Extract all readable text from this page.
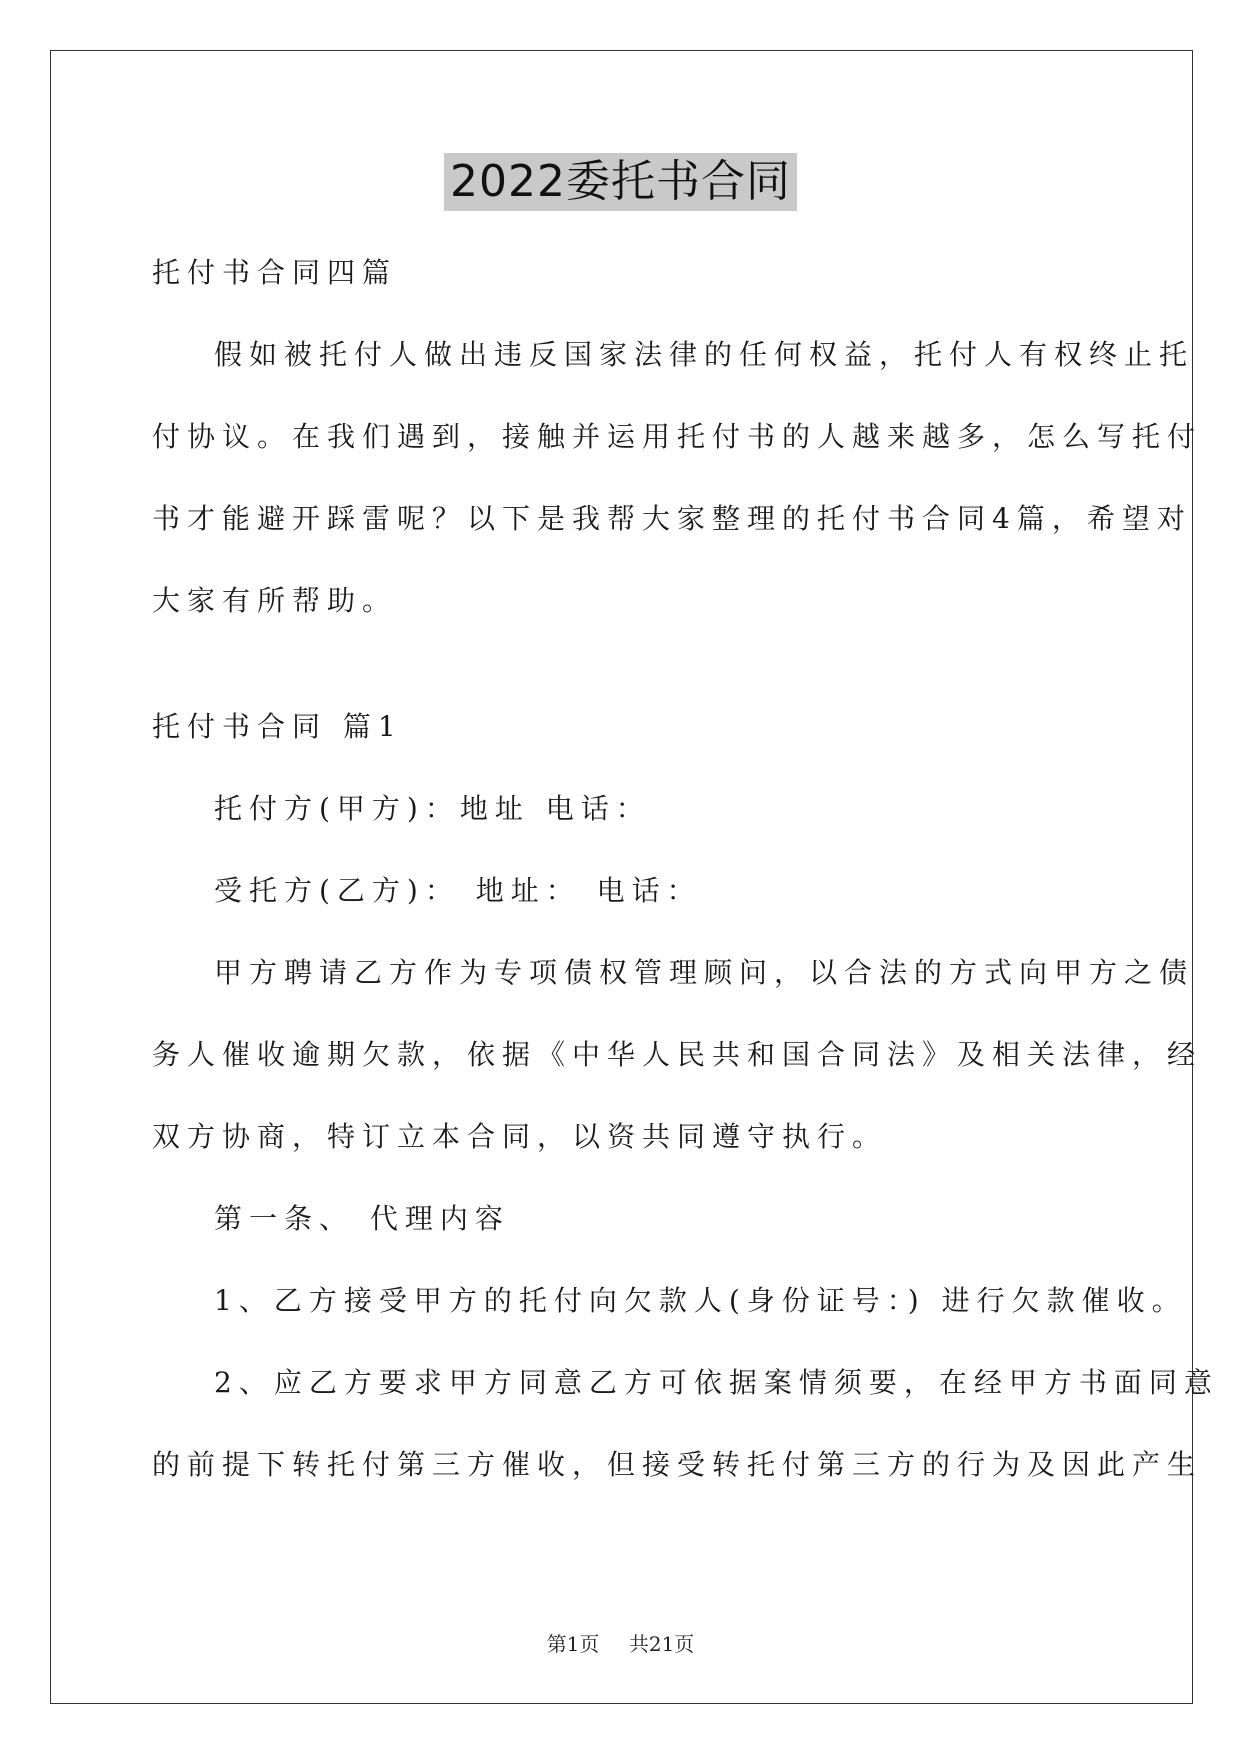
2022委托书合同

托付书合同四篇

假如被托付人做出违反国家法律的任何权益，托付人有权终止托

付协议。在我们遇到，接触并运用托付书的人越来越多，怎么写托付

书才能避开踩雷呢？以下是我帮大家整理的托付书合同4篇，希望对

大家有所帮助。

托付书合同 篇1

托付方(甲方)：地址 电话：

受托方(乙方)： 地址： 电话：

甲方聘请乙方作为专项债权管理顾问，以合法的方式向甲方之债

务人催收逾期欠款，依据《中华人民共和国合同法》及相关法律，经

双方协商，特订立本合同，以资共同遵守执行。

第一条、 代理内容

1、乙方接受甲方的托付向欠款人(身份证号：) 进行欠款催收。

2、应乙方要求甲方同意乙方可依据案情须要，在经甲方书面同意

的前提下转托付第三方催收，但接受转托付第三方的行为及因此产生

第1页 共21页
